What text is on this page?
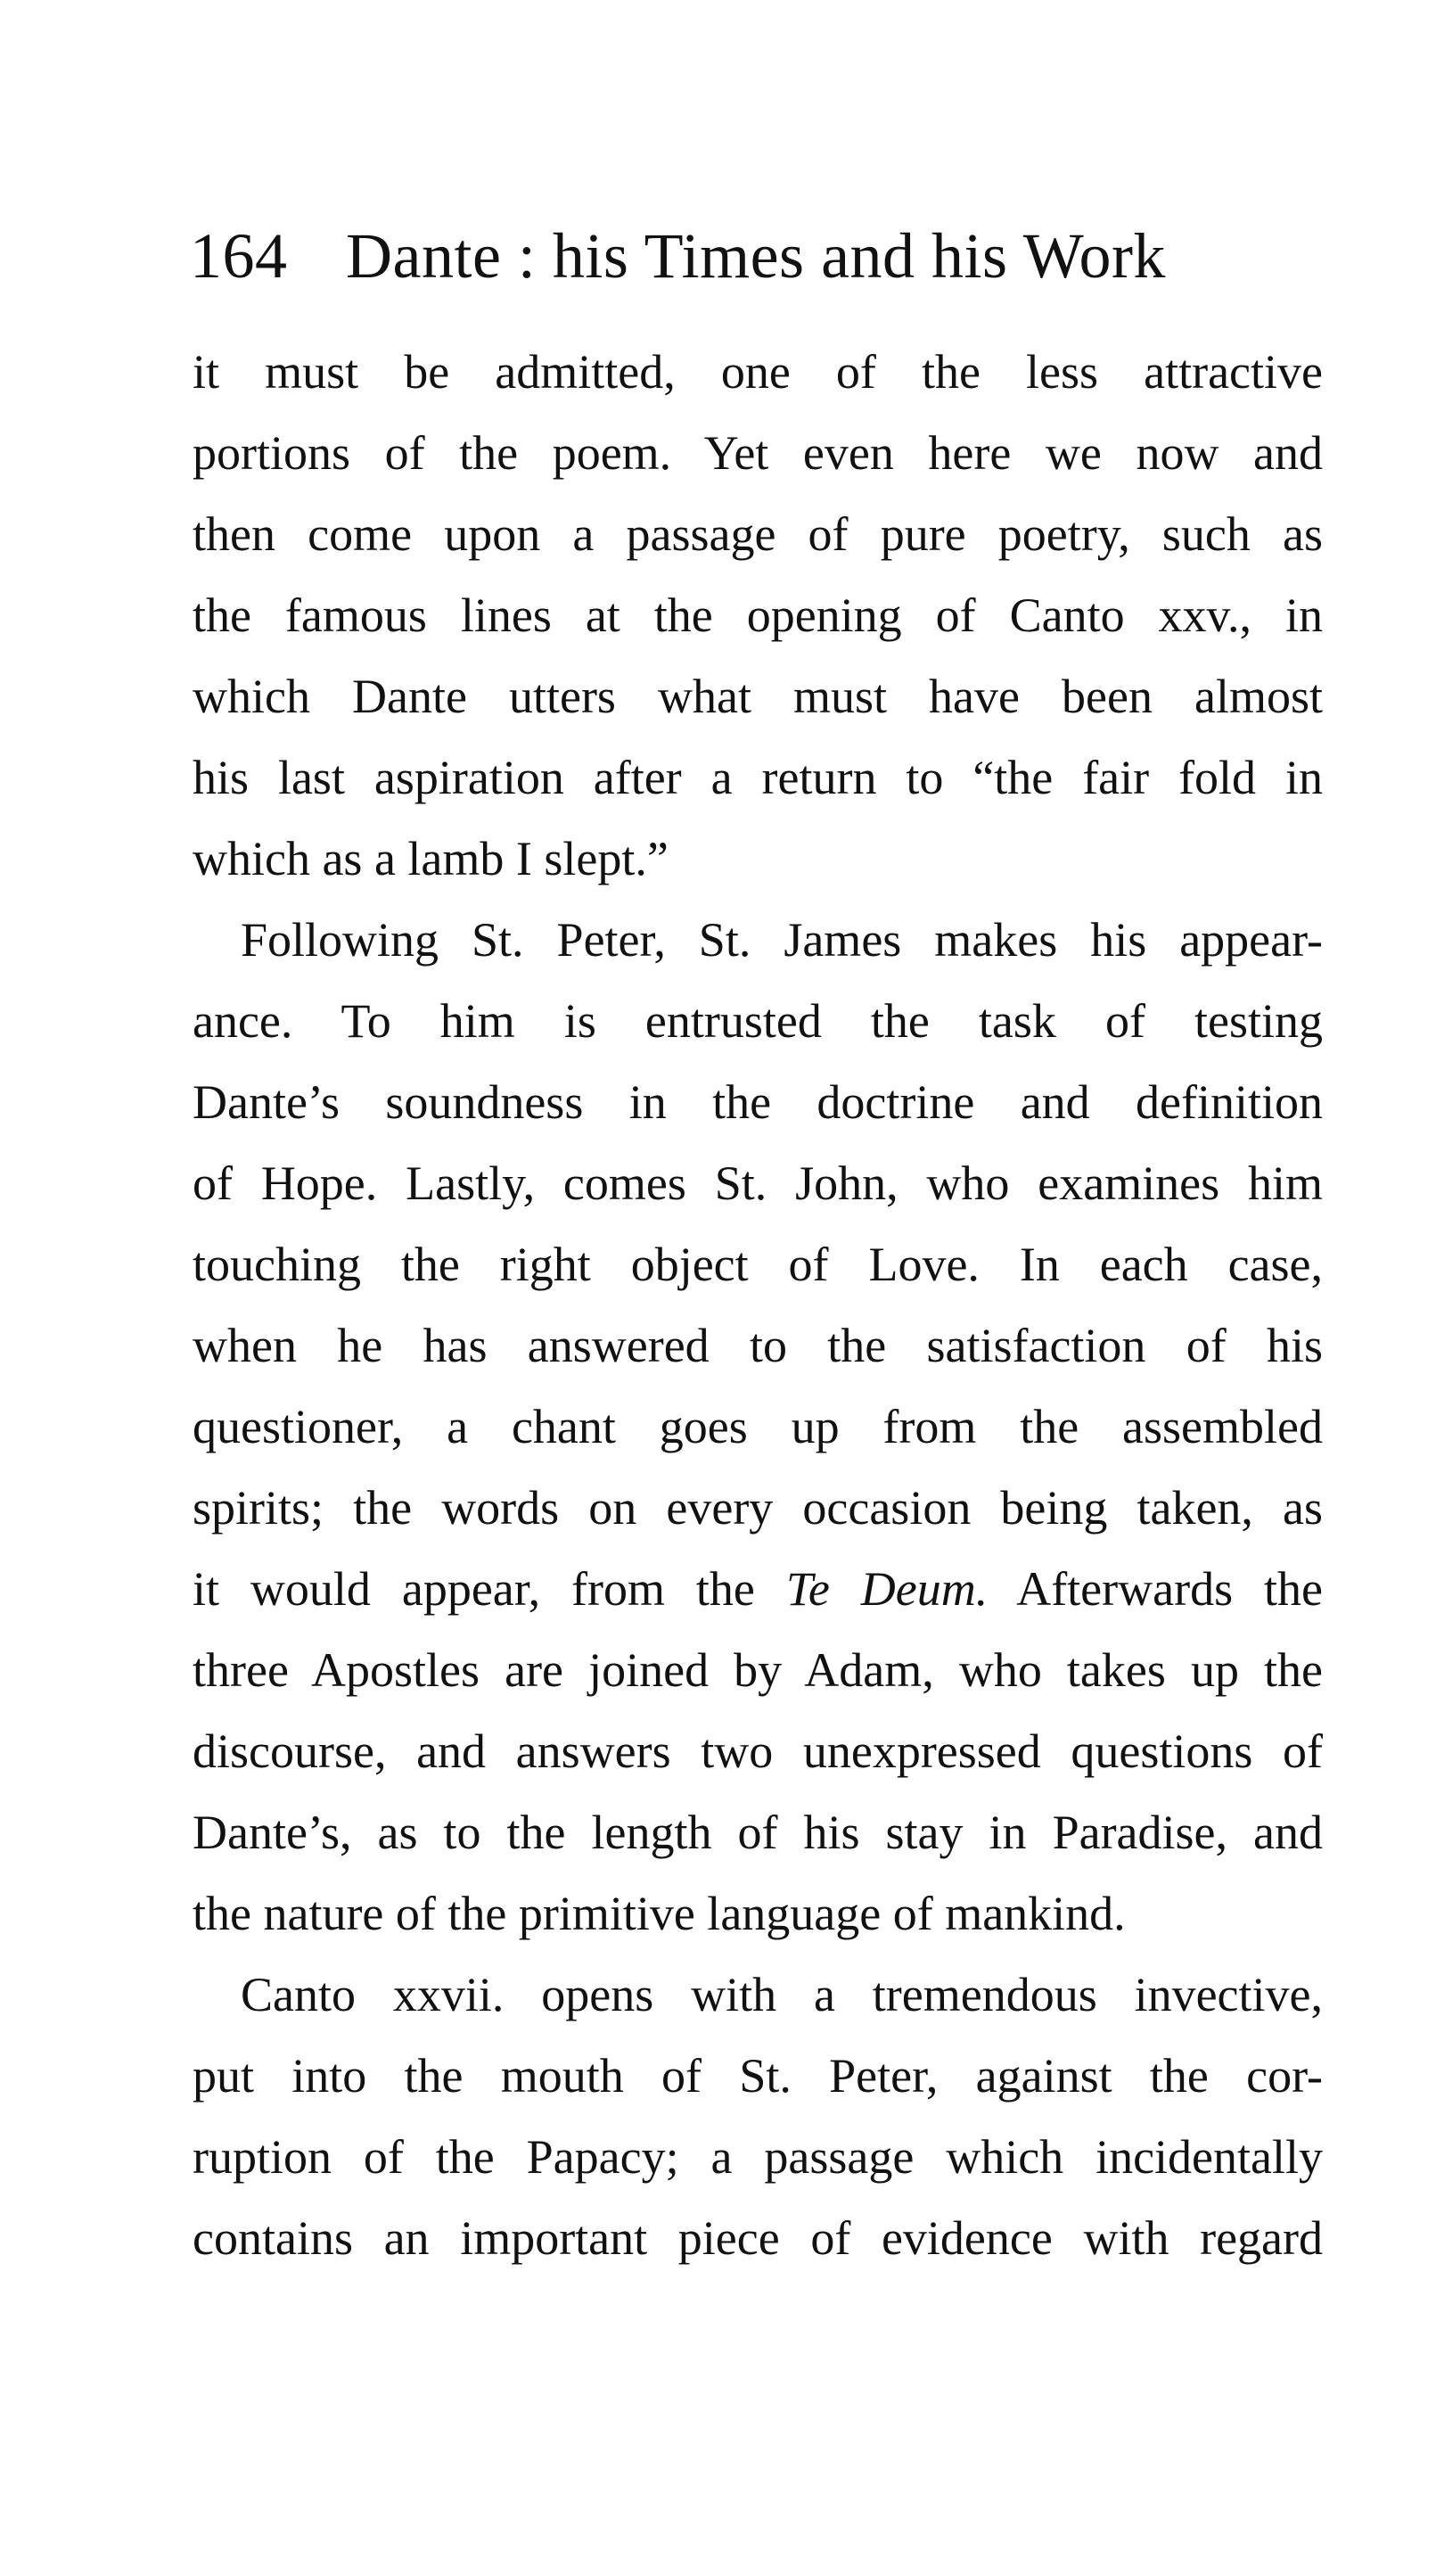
164 Dante : his Times and his Work
it must be admitted, one of the less attractive
portions of the poem. Yet even here we now and
then come upon a passage of pure poetry, such as
the famous lines at the opening of Canto xxv., in
which Dante utters what must have been almost
his last aspiration after a return to “the fair fold in
which as a lamb I slept.”
Following St. Peter, St. James makes his appear-
ance. To him is entrusted the task of testing
Dante’s soundness in the doctrine and definition
of Hope. Lastly, comes St. John, who examines him
touching the right object of Love. In each case,
when he has answered to the satisfaction of his
questioner, a chant goes up from the assembled
spirits; the words on every occasion being taken, as
it would appear, from the Te Deum. Afterwards the
three Apostles are joined by Adam, who takes up the
discourse, and answers two unexpressed questions of
Dante’s, as to the length of his stay in Paradise, and
the nature of the primitive language of mankind.
Canto xxvii. opens with a tremendous invective,
put into the mouth of St. Peter, against the cor-
ruption of the Papacy; a passage which incidentally
contains an important piece of evidence with regard
